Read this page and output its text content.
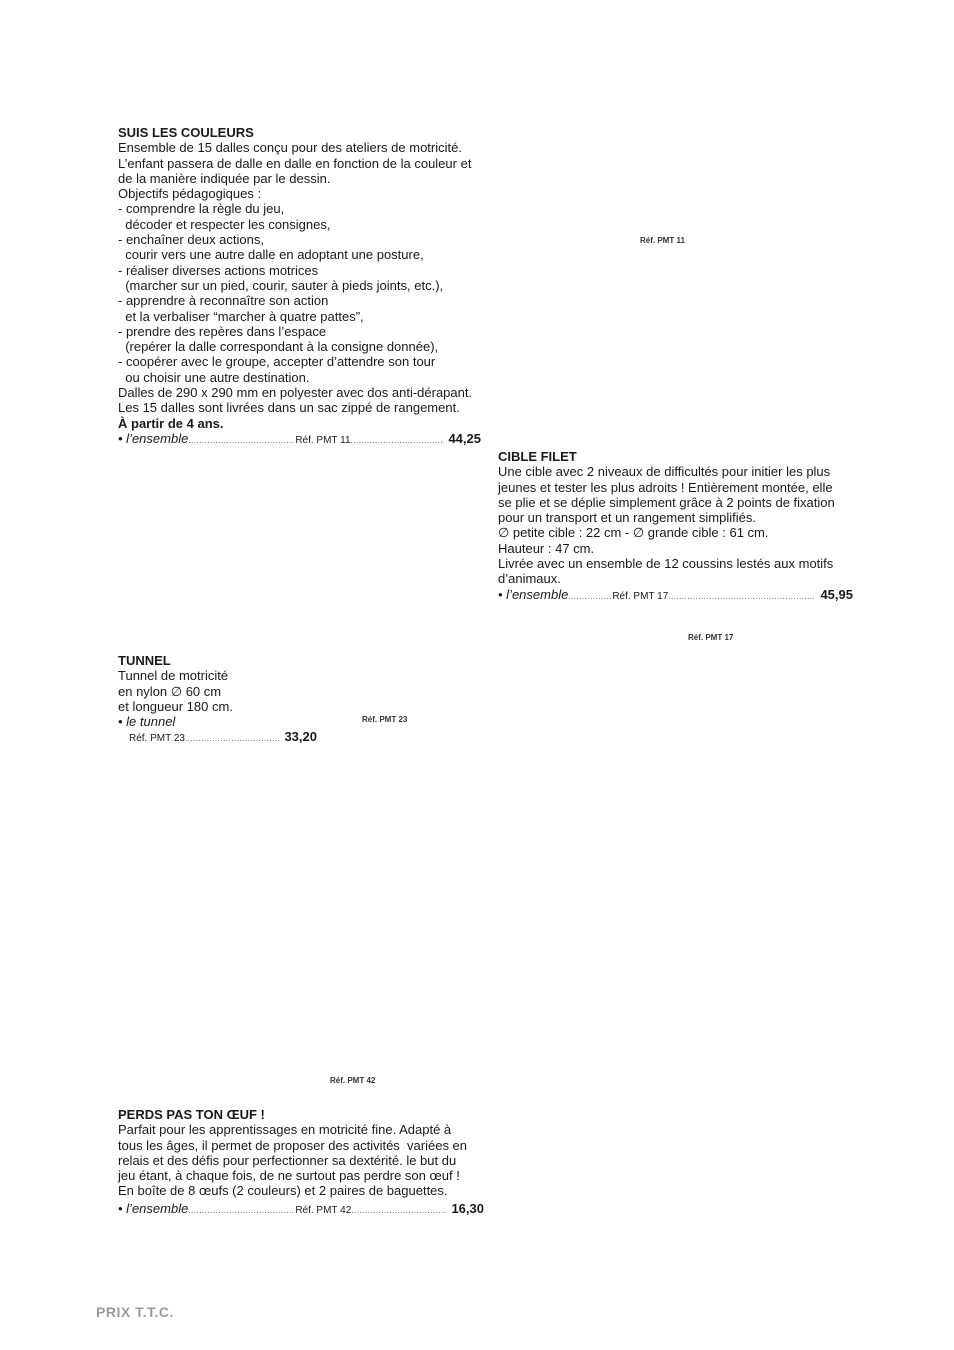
SUIS LES COULEURS
Ensemble de 15 dalles conçu pour des ateliers de motricité.
L’enfant passera de dalle en dalle en fonction de la couleur et
de la manière indiquée par le dessin.
Objectifs pédagogiques :
- comprendre la règle du jeu,
décoder et respecter les consignes,
- enchaîner deux actions,
courir vers une autre dalle en adoptant une posture,
- réaliser diverses actions motrices
(marcher sur un pied, courir, sauter à pieds joints, etc.),
- apprendre à reconnaître son action
et la verbaliser “marcher à quatre pattes”,
- prendre des repères dans l’espace
(repérer la dalle correspondant à la consigne donnée),
- coopérer avec le groupe, accepter d’attendre son tour
ou choisir une autre destination.
Dalles de 290 x 290 mm en polyester avec dos anti-dérapant.
Les 15 dalles sont livrées dans un sac zippé de rangement.
À partir de 4 ans.
• l’ensemble .....	Réf. PMT 11 .....	44,25
Réf. PMT 11
CIBLE FILET
Une cible avec 2 niveaux de difficultés pour initier les plus
jeunes et tester les plus adroits ! Entièrement montée, elle
se plie et se déplie simplement grâce à 2 points de fixation
pour un transport et un rangement simplifiés.
∅ petite cible : 22 cm - ∅ grande cible : 61 cm.
Hauteur : 47 cm.
Livrée avec un ensemble de 12 coussins lestés aux motifs
d’animaux.
• l’ensemble .....	Réf. PMT 17 .....	45,95
Réf. PMT 17
TUNNEL
Tunnel de motricité
en nylon ∅ 60 cm
et longueur 180 cm.
• le tunnel
Réf. PMT 23 .....	33,20
Réf. PMT 23
Réf. PMT 42
PERDS PAS TON ŒUF !
Parfait pour les apprentissages en motricité fine. Adapté à
tous les âges, il permet de proposer des activités  variées en
relais et des défis pour perfectionner sa dextérité. le but du
jeu étant, à chaque fois, de ne surtout pas perdre son œuf !
En boîte de 8 œufs (2 couleurs) et 2 paires de baguettes.
• l’ensemble .....	Réf. PMT 42 .....	16,30
PRIX T.T.C.
